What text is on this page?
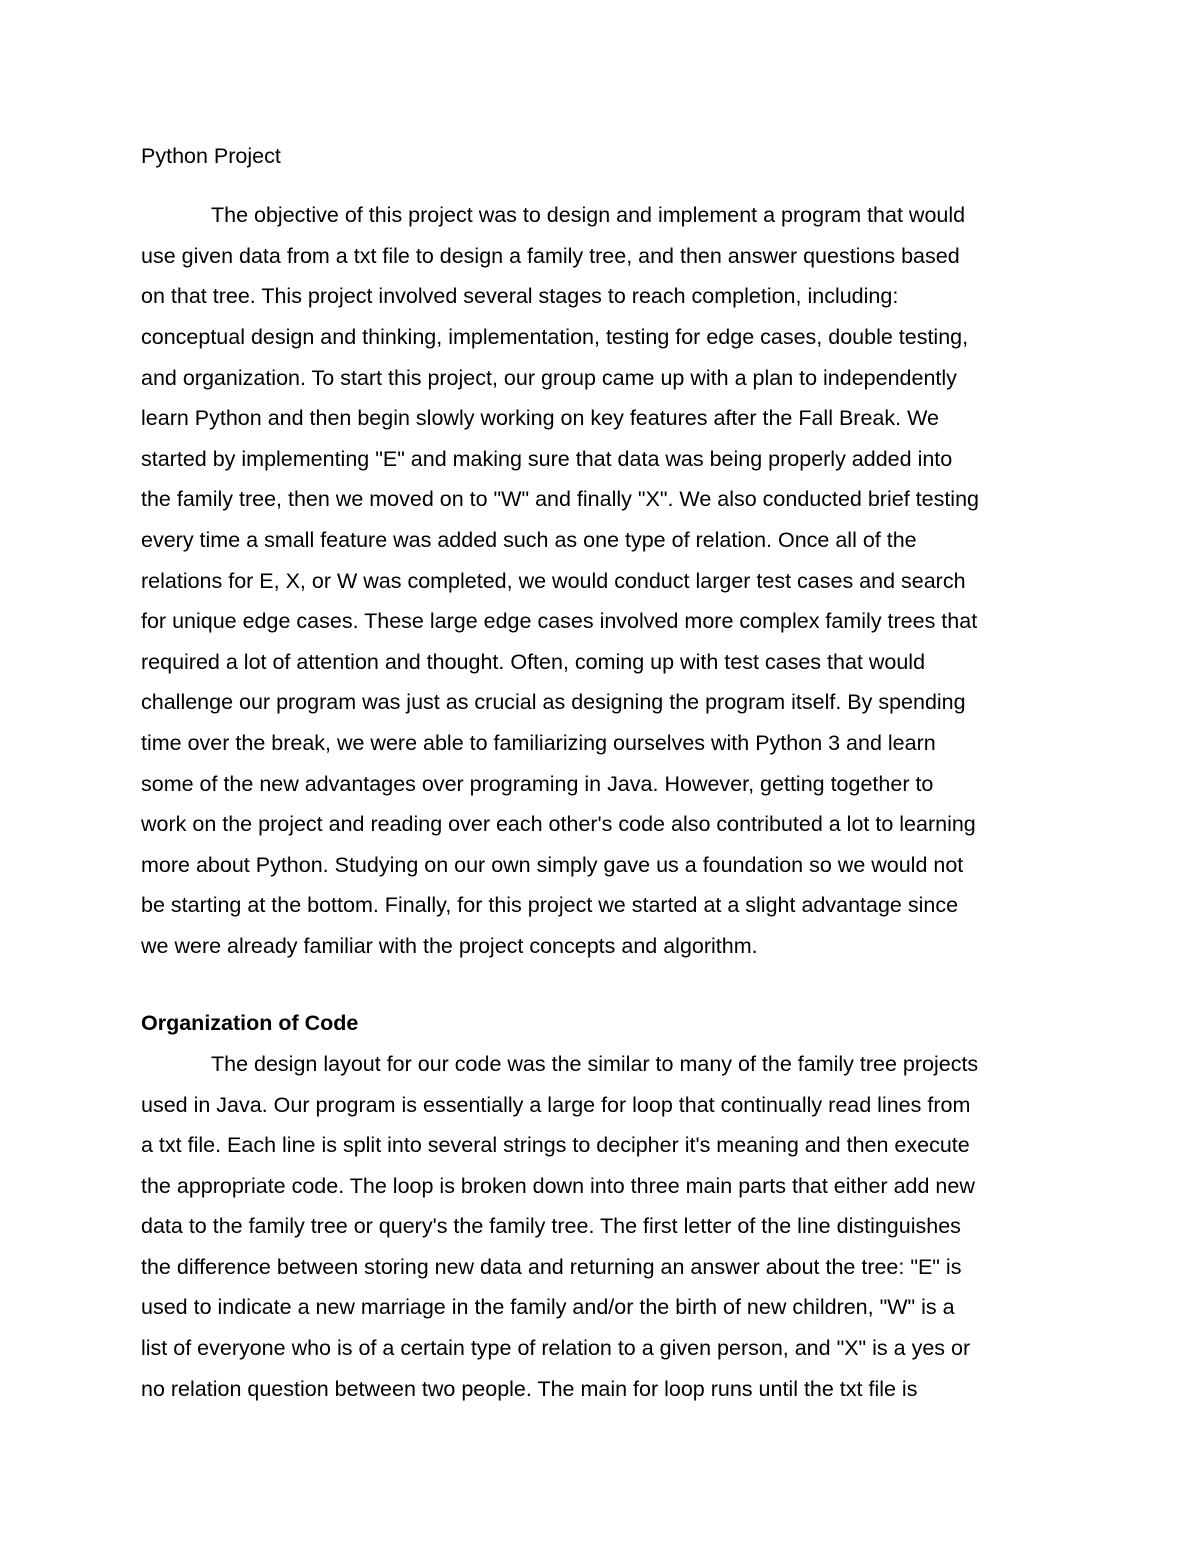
Python Project

The objective of this project was to design and implement a program that would

use given data from a txt file to design a family tree, and then answer questions based

on that tree. This project involved several stages to reach completion, including:

conceptual design and thinking, implementation, testing for edge cases, double testing,

and organization. To start this project, our group came up with a plan to independently

learn Python and then begin slowly working on key features after the Fall Break. We

started by implementing "E" and making sure that data was being properly added into

the family tree, then we moved on to "W" and finally "X". We also conducted brief testing

every time a small feature was added such as one type of relation. Once all of the

relations for E, X, or W was completed, we would conduct larger test cases and search

for unique edge cases. These large edge cases involved more complex family trees that

required a lot of attention and thought. Often, coming up with test cases that would

challenge our program was just as crucial as designing the program itself. By spending

time over the break, we were able to familiarizing ourselves with Python 3 and learn

some of the new advantages over programing in Java. However, getting together to

work on the project and reading over each other's code also contributed a lot to learning

more about Python. Studying on our own simply gave us a foundation so we would not

be starting at the bottom. Finally, for this project we started at a slight advantage since

we were already familiar with the project concepts and algorithm.

Organization of Code

The design layout for our code was the similar to many of the family tree projects

used in Java. Our program is essentially a large for loop that continually read lines from

a txt file. Each line is split into several strings to decipher it's meaning and then execute

the appropriate code. The loop is broken down into three main parts that either add new

data to the family tree or query's the family tree. The first letter of the line distinguishes

the difference between storing new data and returning an answer about the tree: "E" is

used to indicate a new marriage in the family and/or the birth of new children, "W" is a

list of everyone who is of a certain type of relation to a given person, and "X" is a yes or

no relation question between two people. The main for loop runs until the txt file is
